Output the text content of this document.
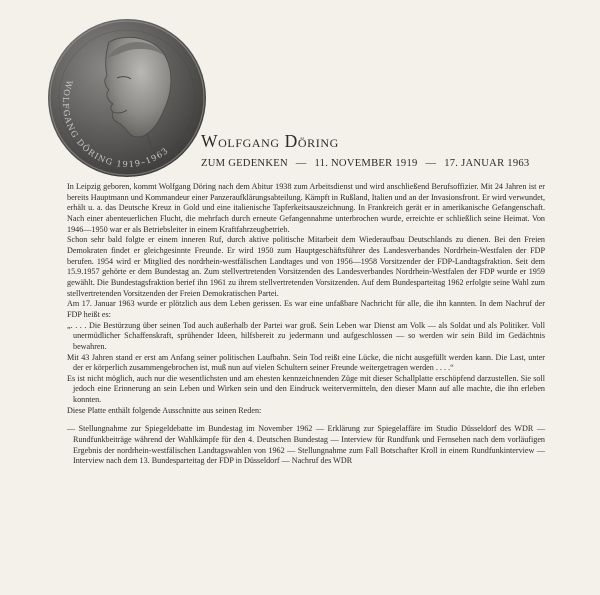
WOLFGANG DÖRING 1919–1963 Wolfgang Döring
ZUM GEDENKEN — 11. NOVEMBER 1919 — 17. JANUAR 1963

In Leipzig geboren, kommt Wolfgang Döring nach dem Abitur 1938 zum Arbeitsdienst und wird anschließend Berufsoffizier. Mit 24 Jahren ist er bereits Hauptmann und Kommandeur einer Panzeraufklärungsabteilung. Kämpft in Rußland, Italien und an der Invasionsfront. Er wird verwundet, erhält u. a. das Deutsche Kreuz in Gold und eine italienische Tapferkeitsauszeichnung. In Frankreich gerät er in amerikanische Gefangenschaft. Nach einer abenteuerlichen Flucht, die mehrfach durch erneute Gefangennahme unterbrochen wurde, erreichte er schließlich seine Heimat. Von 1946—1950 war er als Betriebsleiter in einem Kraftfahrzeugbetrieb.

Schon sehr bald folgte er einem inneren Ruf, durch aktive politische Mitarbeit dem Wiederaufbau Deutschlands zu dienen. Bei den Freien Demokraten findet er gleichgesinnte Freunde. Er wird 1950 zum Hauptgeschäftsführer des Landesverbandes Nordrhein-Westfalen der FDP berufen. 1954 wird er Mitglied des nordrhein-westfälischen Landtages und von 1956—1958 Vorsitzender der FDP-Landtagsfraktion. Seit dem 15.9.1957 gehörte er dem Bundestag an. Zum stellvertretenden Vorsitzenden des Landesverbandes Nordrhein-Westfalen der FDP wurde er 1959 gewählt. Die Bundestagsfraktion berief ihn 1961 zu ihrem stellvertretenden Vorsitzenden. Auf dem Bundesparteitag 1962 erfolgte seine Wahl zum stellvertretenden Vorsitzenden der Freien Demokratischen Partei.

Am 17. Januar 1963 wurde er plötzlich aus dem Leben gerissen. Es war eine unfaßbare Nachricht für alle, die ihn kannten. In dem Nachruf der FDP heißt es:

„. . . . Die Bestürzung über seinen Tod auch außerhalb der Partei war groß. Sein Leben war Dienst am Volk — als Soldat und als Politiker. Voll unermüdlicher Schaffenskraft, sprühender Ideen, hilfsbereit zu jedermann und aufgeschlossen — so werden wir sein Bild im Gedächtnis bewahren.

Mit 43 Jahren stand er erst am Anfang seiner politischen Laufbahn. Sein Tod reißt eine Lücke, die nicht ausgefüllt werden kann. Die Last, unter der er körperlich zusammengebrochen ist, muß nun auf vielen Schultern seiner Freunde weitergetragen werden . . . .“

Es ist nicht möglich, auch nur die wesentlichsten und am ehesten kennzeichnenden Züge mit dieser Schallplatte erschöpfend darzustellen. Sie soll jedoch eine Erinnerung an sein Leben und Wirken sein und den Eindruck weitervermitteln, den dieser Mann auf alle machte, die ihn erleben konnten.

Diese Platte enthält folgende Ausschnitte aus seinen Reden:

— Stellungnahme zur Spiegeldebatte im Bundestag im November 1962 — Erklärung zur Spiegelaffäre im Studio Düsseldorf des WDR — Rundfunkbeiträge während der Wahlkämpfe für den 4. Deutschen Bundestag — Interview für Rundfunk und Fernsehen nach dem vorläufigen Ergebnis der nordrhein-westfälischen Landtagswahlen von 1962 — Stellungnahme zum Fall Botschafter Kroll in einem Rundfunkinterview — Interview nach dem 13. Bundesparteitag der FDP in Düsseldorf — Nachruf des WDR
